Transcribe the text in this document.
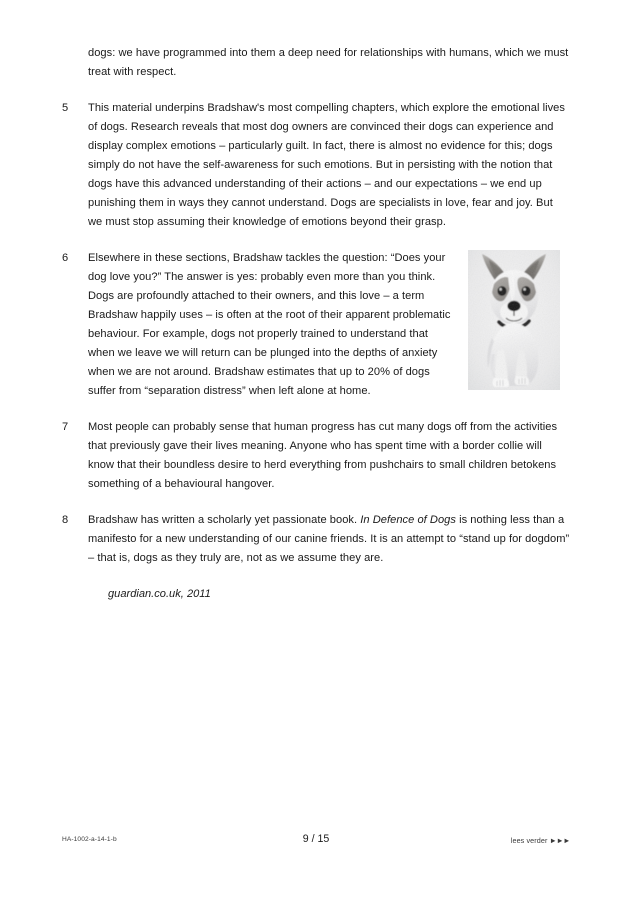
dogs: we have programmed into them a deep need for relationships with humans, which we must treat with respect.

5	This material underpins Bradshaw's most compelling chapters, which explore the emotional lives of dogs. Research reveals that most dog owners are convinced their dogs can experience and display complex emotions – particularly guilt. In fact, there is almost no evidence for this; dogs simply do not have the self-awareness for such emotions. But in persisting with the notion that dogs have this advanced understanding of their actions – and our expectations – we end up punishing them in ways they cannot understand. Dogs are specialists in love, fear and joy. But we must stop assuming their knowledge of emotions beyond their grasp.

6	Elsewhere in these sections, Bradshaw tackles the question: “Does your dog love you?” The answer is yes: probably even more than you think. Dogs are profoundly attached to their owners, and this love – a term Bradshaw happily uses – is often at the root of their apparent problematic behaviour. For example, dogs not properly trained to understand that when we leave we will return can be plunged into the depths of anxiety when we are not around. Bradshaw estimates that up to 20% of dogs suffer from “separation distress” when left alone at home.

7	Most people can probably sense that human progress has cut many dogs off from the activities that previously gave their lives meaning. Anyone who has spent time with a border collie will know that their boundless desire to herd everything from pushchairs to small children betokens something of a behavioural hangover.

8	Bradshaw has written a scholarly yet passionate book. In Defence of Dogs is nothing less than a manifesto for a new understanding of our canine friends. It is an attempt to “stand up for dogdom” – that is, dogs as they truly are, not as we assume they are.

guardian.co.uk, 2011

HA-1002-a-14-1-b	9 / 15	lees verder ►►►
